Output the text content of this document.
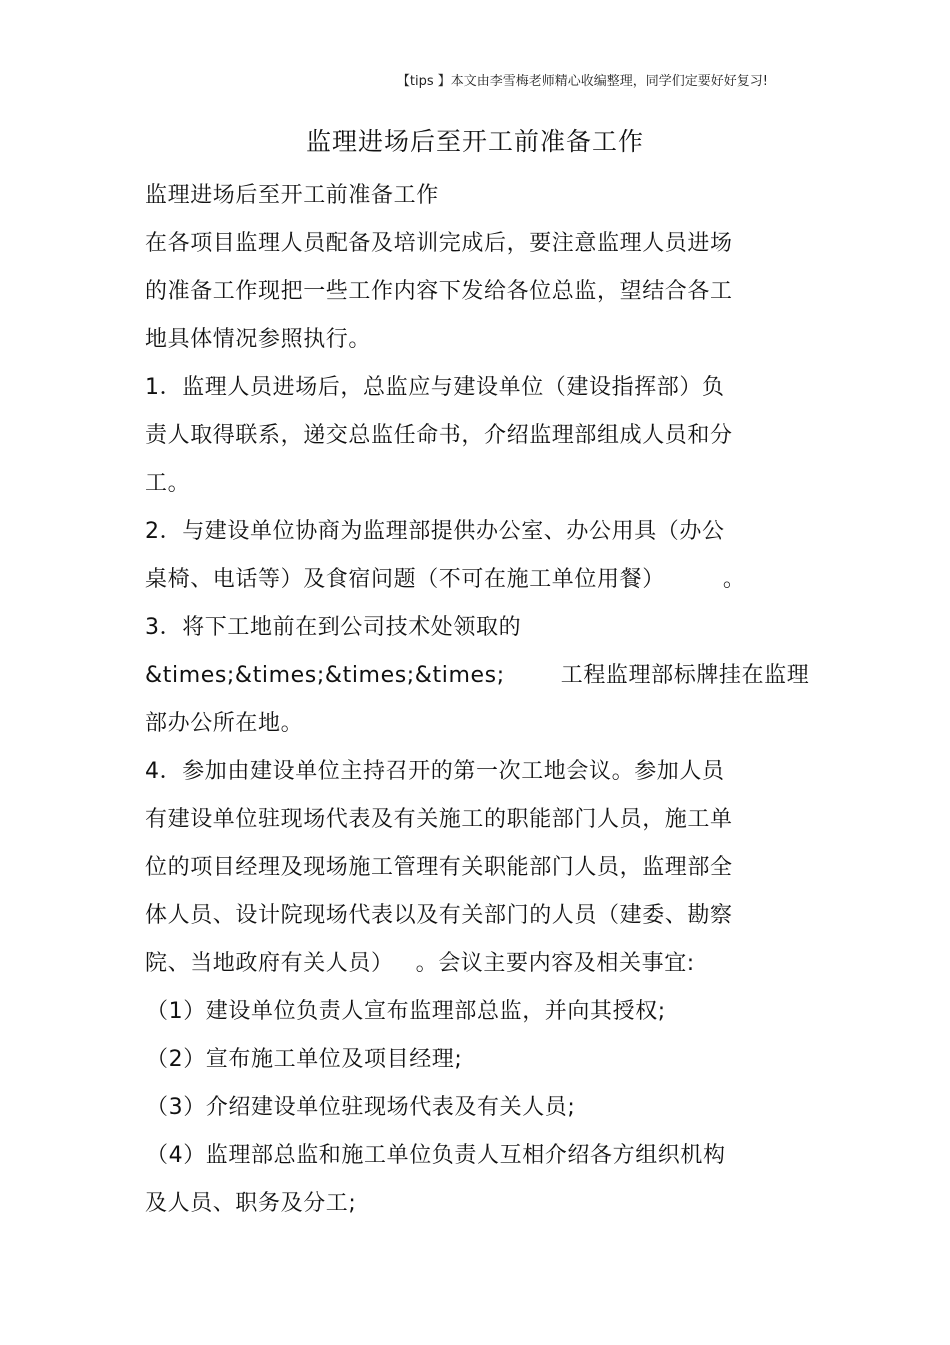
【tips 】本文由李雪梅老师精心收编整理，同学们定要好好复习!
监理进场后至开工前准备工作
监理进场后至开工前准备工作
在各项目监理人员配备及培训完成后，要注意监理人员进场
的准备工作现把一些工作内容下发给各位总监，望结合各工
地具体情况参照执行。
1．监理人员进场后，总监应与建设单位（建设指挥部）负
责人取得联系，递交总监任命书，介绍监理部组成人员和分
工。
2．与建设单位协商为监理部提供办公室、办公用具（办公
桌椅、电话等）及食宿问题（不可在施工单位用餐）	。
3．将下工地前在到公司技术处领取的
&times;&times;&times;&times;	工程监理部标牌挂在监理
部办公所在地。
4．参加由建设单位主持召开的第一次工地会议。参加人员
有建设单位驻现场代表及有关施工的职能部门人员，施工单
位的项目经理及现场施工管理有关职能部门人员，监理部全
体人员、设计院现场代表以及有关部门的人员（建委、勘察
院、当地政府有关人员） 。会议主要内容及相关事宜:
（1）建设单位负责人宣布监理部总监，并向其授权;
（2）宣布施工单位及项目经理;
（3）介绍建设单位驻现场代表及有关人员;
（4）监理部总监和施工单位负责人互相介绍各方组织机构
及人员、职务及分工;
